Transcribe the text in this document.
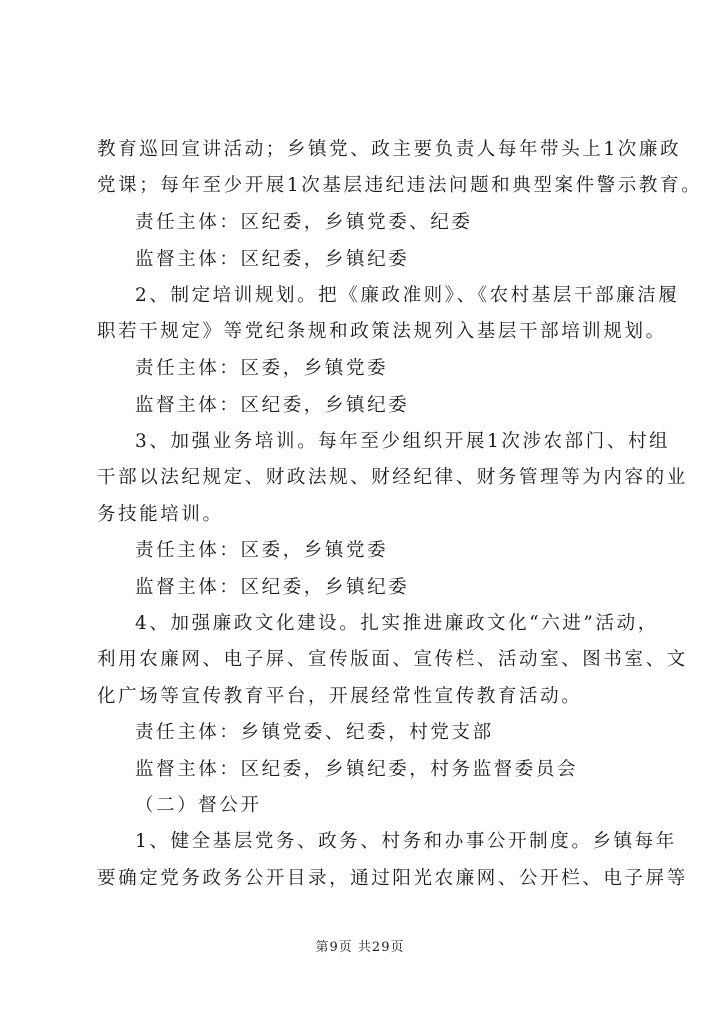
教育巡回宣讲活动；乡镇党、政主要负责人每年带头上1次廉政
党课；每年至少开展1次基层违纪违法问题和典型案件警示教育。
责任主体：区纪委，乡镇党委、纪委
监督主体：区纪委，乡镇纪委
2、制定培训规划。把《廉政准则》、《农村基层干部廉洁履
职若干规定》等党纪条规和政策法规列入基层干部培训规划。
责任主体：区委，乡镇党委
监督主体：区纪委，乡镇纪委
3、加强业务培训。每年至少组织开展1次涉农部门、村组
干部以法纪规定、财政法规、财经纪律、财务管理等为内容的业
务技能培训。
责任主体：区委，乡镇党委
监督主体：区纪委，乡镇纪委
4、加强廉政文化建设。扎实推进廉政文化“六进”活动，
利用农廉网、电子屏、宣传版面、宣传栏、活动室、图书室、文
化广场等宣传教育平台，开展经常性宣传教育活动。
责任主体：乡镇党委、纪委，村党支部
监督主体：区纪委，乡镇纪委，村务监督委员会
（二）督公开
1、健全基层党务、政务、村务和办事公开制度。乡镇每年
要确定党务政务公开目录，通过阳光农廉网、公开栏、电子屏等
第9页 共29页
